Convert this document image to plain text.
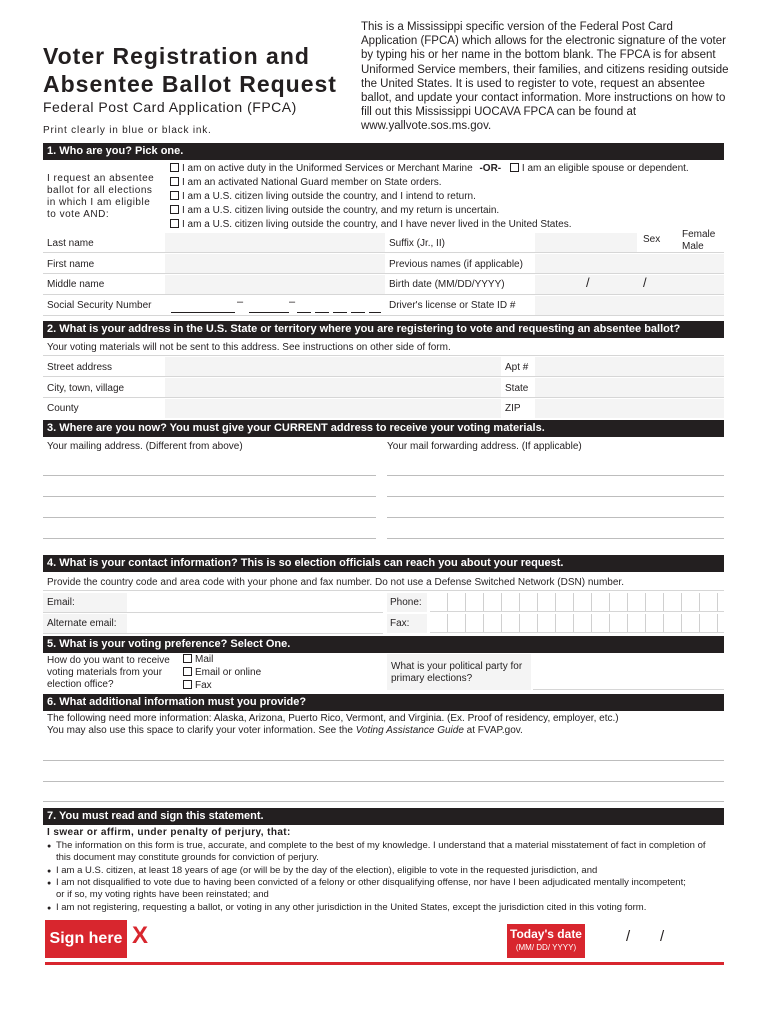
Voter Registration and
Absentee Ballot Request
Federal Post Card Application (FPCA)
Print clearly in blue or black ink.
This is a Mississippi specific version of the Federal Post Card Application (FPCA) which allows for the electronic signature of the voter by typing his or her name in the bottom blank. The FPCA is for absent Uniformed Service members, their families, and citizens residing outside the United States. It is used to register to vote, request an absentee ballot, and update your contact information. More instructions on how to fill out this Mississippi UOCAVA FPCA can be found at www.yallvote.sos.ms.gov.
1. Who are you? Pick one.
I request an absentee ballot for all elections in which I am eligible to vote AND:
I am on active duty in the Uniformed Services or Merchant Marine -OR- I am an eligible spouse or dependent.
I am an activated National Guard member on State orders.
I am a U.S. citizen living outside the country, and I intend to return.
I am a U.S. citizen living outside the country, and my return is uncertain.
I am a U.S. citizen living outside the country, and I have never lived in the United States.
Last name	Suffix (Jr., II)	Sex Female
Male
First name	Previous names (if applicable)
Middle name	Birth date (MM/DD/YYYY)	/	/
Social Security Number	–	–	Driver's license or State ID #
2. What is your address in the U.S. State or territory where you are registering to vote and requesting an absentee ballot?
Your voting materials will not be sent to this address. See instructions on other side of form.
Street address	Apt #
City, town, village	State
County	ZIP
3. Where are you now? You must give your CURRENT address to receive your voting materials.
Your mailing address. (Different from above)	Your mail forwarding address. (If applicable)
4. What is your contact information? This is so election officials can reach you about your request.
Provide the country code and area code with your phone and fax number. Do not use a Defense Switched Network (DSN) number.
Email:	Phone:
Alternate email:	Fax:
5. What is your voting preference? Select One.
How do you want to receive voting materials from your election office?
Mail
Email or online
Fax
What is your political party for primary elections?
6. What additional information must you provide?
The following need more information: Alaska, Arizona, Puerto Rico, Vermont, and Virginia. (Ex. Proof of residency, employer, etc.)
You may also use this space to clarify your voter information. See the Voting Assistance Guide at FVAP.gov.
7. You must read and sign this statement.
I swear or affirm, under penalty of perjury, that:
● The information on this form is true, accurate, and complete to the best of my knowledge. I understand that a material misstatement of fact in completion of this document may constitute grounds for conviction of perjury.
● I am a U.S. citizen, at least 18 years of age (or will be by the day of the election), eligible to vote in the requested jurisdiction, and
● I am not disqualified to vote due to having been convicted of a felony or other disqualifying offense, nor have I been adjudicated mentally incompetent; or if so, my voting rights have been reinstated; and
● I am not registering, requesting a ballot, or voting in any other jurisdiction in the United States, except the jurisdiction cited in this voting form.
Sign here X	Today's date
(MM/ DD/ YYYY)
/ /
